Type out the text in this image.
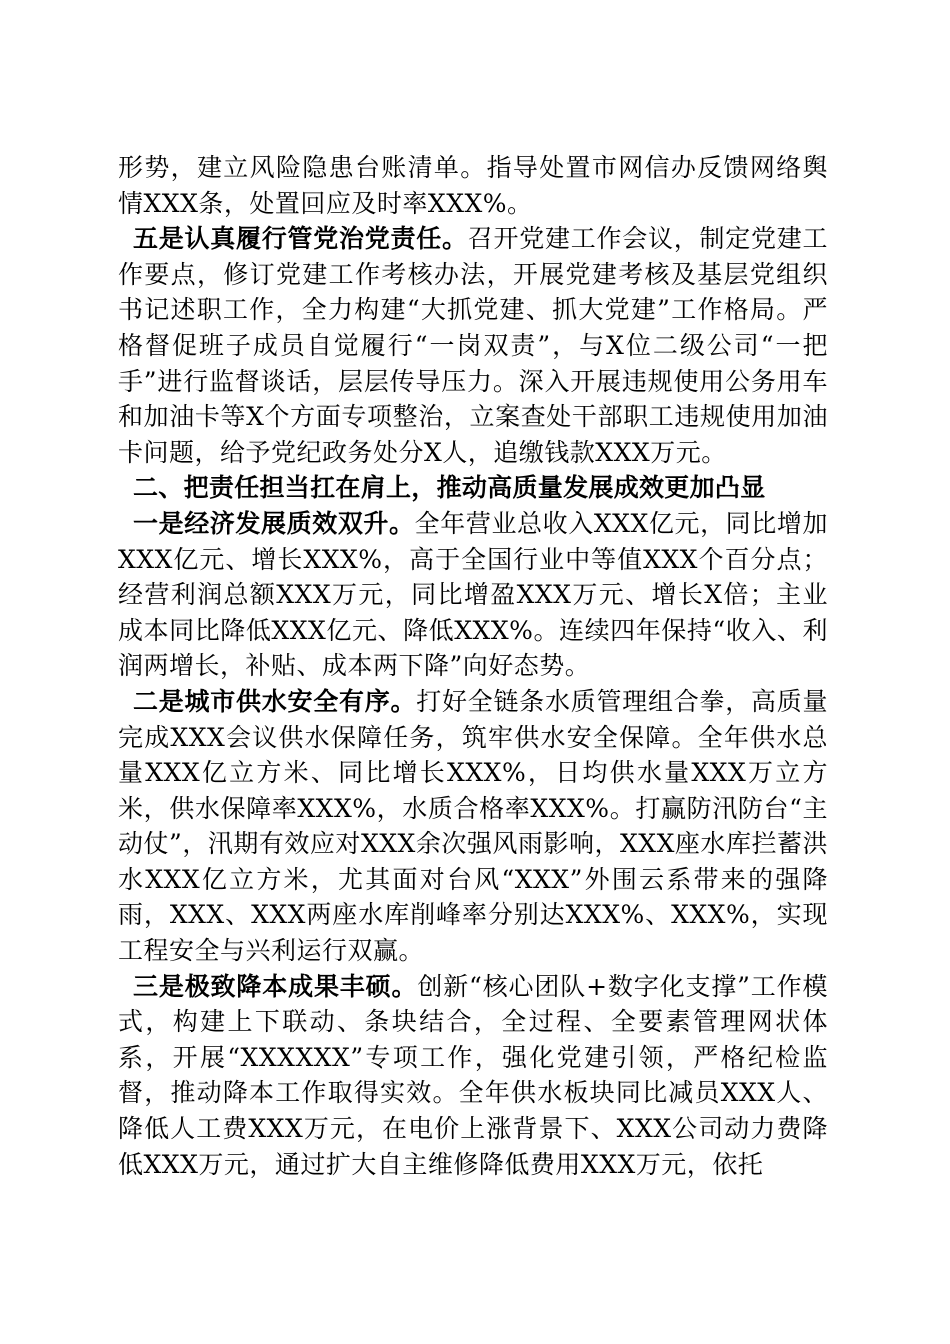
形势，建立风险隐患台账清单。指导处置市网信办反馈网络舆情XXX条，处置回应及时率XXX%。

五是认真履行管党治党责任。召开党建工作会议，制定党建工作要点，修订党建工作考核办法，开展党建考核及基层党组织书记述职工作，全力构建“大抓党建、抓大党建”工作格局。严格督促班子成员自觉履行“一岗双责”，与X位二级公司“一把手”进行监督谈话，层层传导压力。深入开展违规使用公务用车和加油卡等X个方面专项整治，立案查处干部职工违规使用加油卡问题，给予党纪政务处分X人，追缴钱款XXX万元。

二、把责任担当扛在肩上，推动高质量发展成效更加凸显

一是经济发展质效双升。全年营业总收入XXX亿元，同比增加XXX亿元、增长XXX%，高于全国行业中等值XXX个百分点；经营利润总额XXX万元，同比增盈XXX万元、增长X倍；主业成本同比降低XXX亿元、降低XXX%。连续四年保持“收入、利润两增长，补贴、成本两下降”向好态势。

二是城市供水安全有序。打好全链条水质管理组合拳，高质量完成XXX会议供水保障任务，筑牢供水安全保障。全年供水总量XXX亿立方米、同比增长XXX%，日均供水量XXX万立方米，供水保障率XXX%，水质合格率XXX%。打赢防汛防台“主动仗”，汛期有效应对XXX余次强风雨影响，XXX座水库拦蓄洪水XXX亿立方米，尤其面对台风“XXX”外围云系带来的强降雨，XXX、XXX两座水库削峰率分别达XXX%、XXX%，实现工程安全与兴利运行双赢。

三是极致降本成果丰硕。创新“核心团队+数字化支撑”工作模式，构建上下联动、条块结合，全过程、全要素管理网状体系，开展“XXXXXX”专项工作，强化党建引领，严格纪检监督，推动降本工作取得实效。全年供水板块同比减员XXX人、降低人工费XXX万元，在电价上涨背景下、XXX公司动力费降低XXX万元，通过扩大自主维修降低费用XXX万元，依托
